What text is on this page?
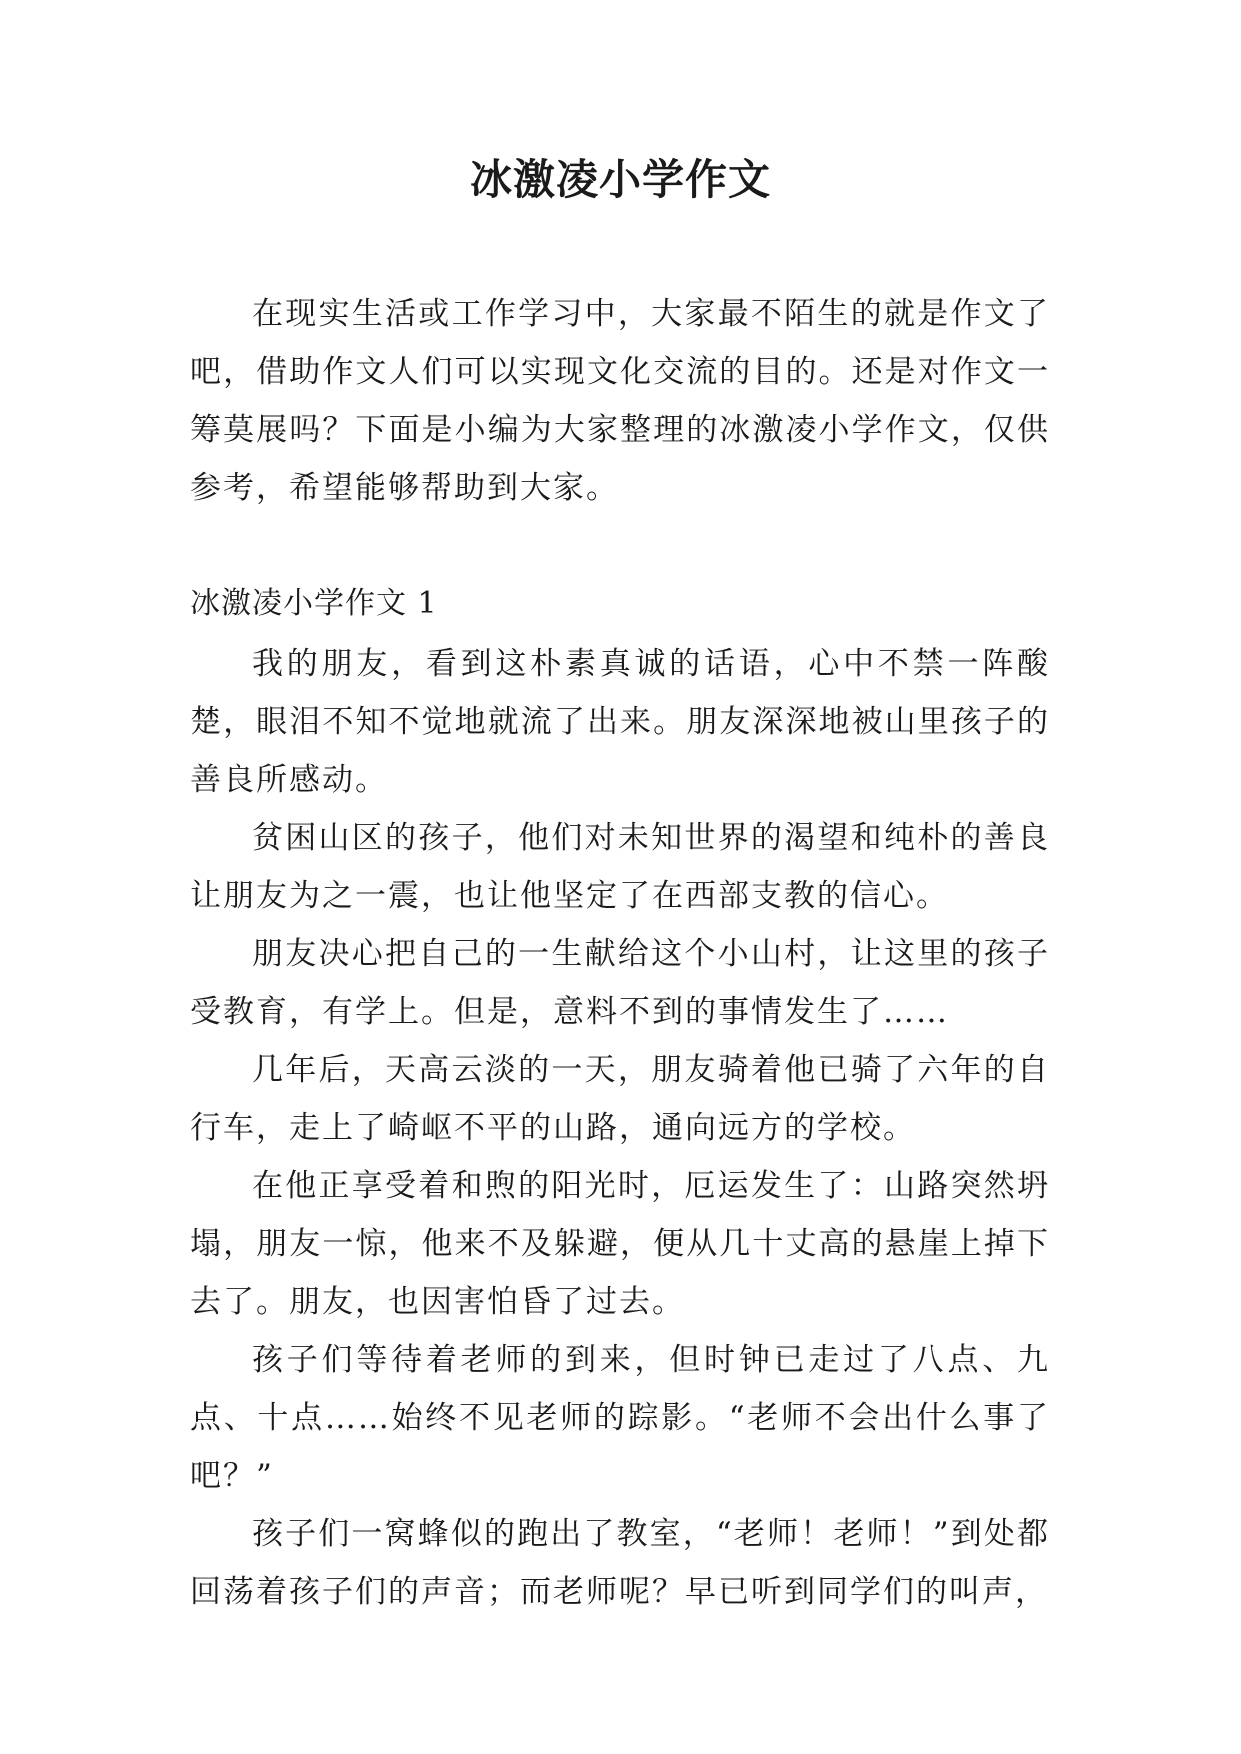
冰激凌小学作文

在现实生活或工作学习中，大家最不陌生的就是作文了吧，借助作文人们可以实现文化交流的目的。还是对作文一筹莫展吗？下面是小编为大家整理的冰激凌小学作文，仅供参考，希望能够帮助到大家。

冰激凌小学作文 1

我的朋友，看到这朴素真诚的话语，心中不禁一阵酸楚，眼泪不知不觉地就流了出来。朋友深深地被山里孩子的善良所感动。

贫困山区的孩子，他们对未知世界的渴望和纯朴的善良让朋友为之一震，也让他坚定了在西部支教的信心。

朋友决心把自己的一生献给这个小山村，让这里的孩子受教育，有学上。但是，意料不到的事情发生了……

几年后，天高云淡的一天，朋友骑着他已骑了六年的自行车，走上了崎岖不平的山路，通向远方的学校。

在他正享受着和煦的阳光时，厄运发生了：山路突然坍塌，朋友一惊，他来不及躲避，便从几十丈高的悬崖上掉下去了。朋友，也因害怕昏了过去。

孩子们等待着老师的到来，但时钟已走过了八点、九点、十点……始终不见老师的踪影。“老师不会出什么事了吧？”

孩子们一窝蜂似的跑出了教室，“老师！老师！”到处都回荡着孩子们的声音；而老师呢？早已听到同学们的叫声，
